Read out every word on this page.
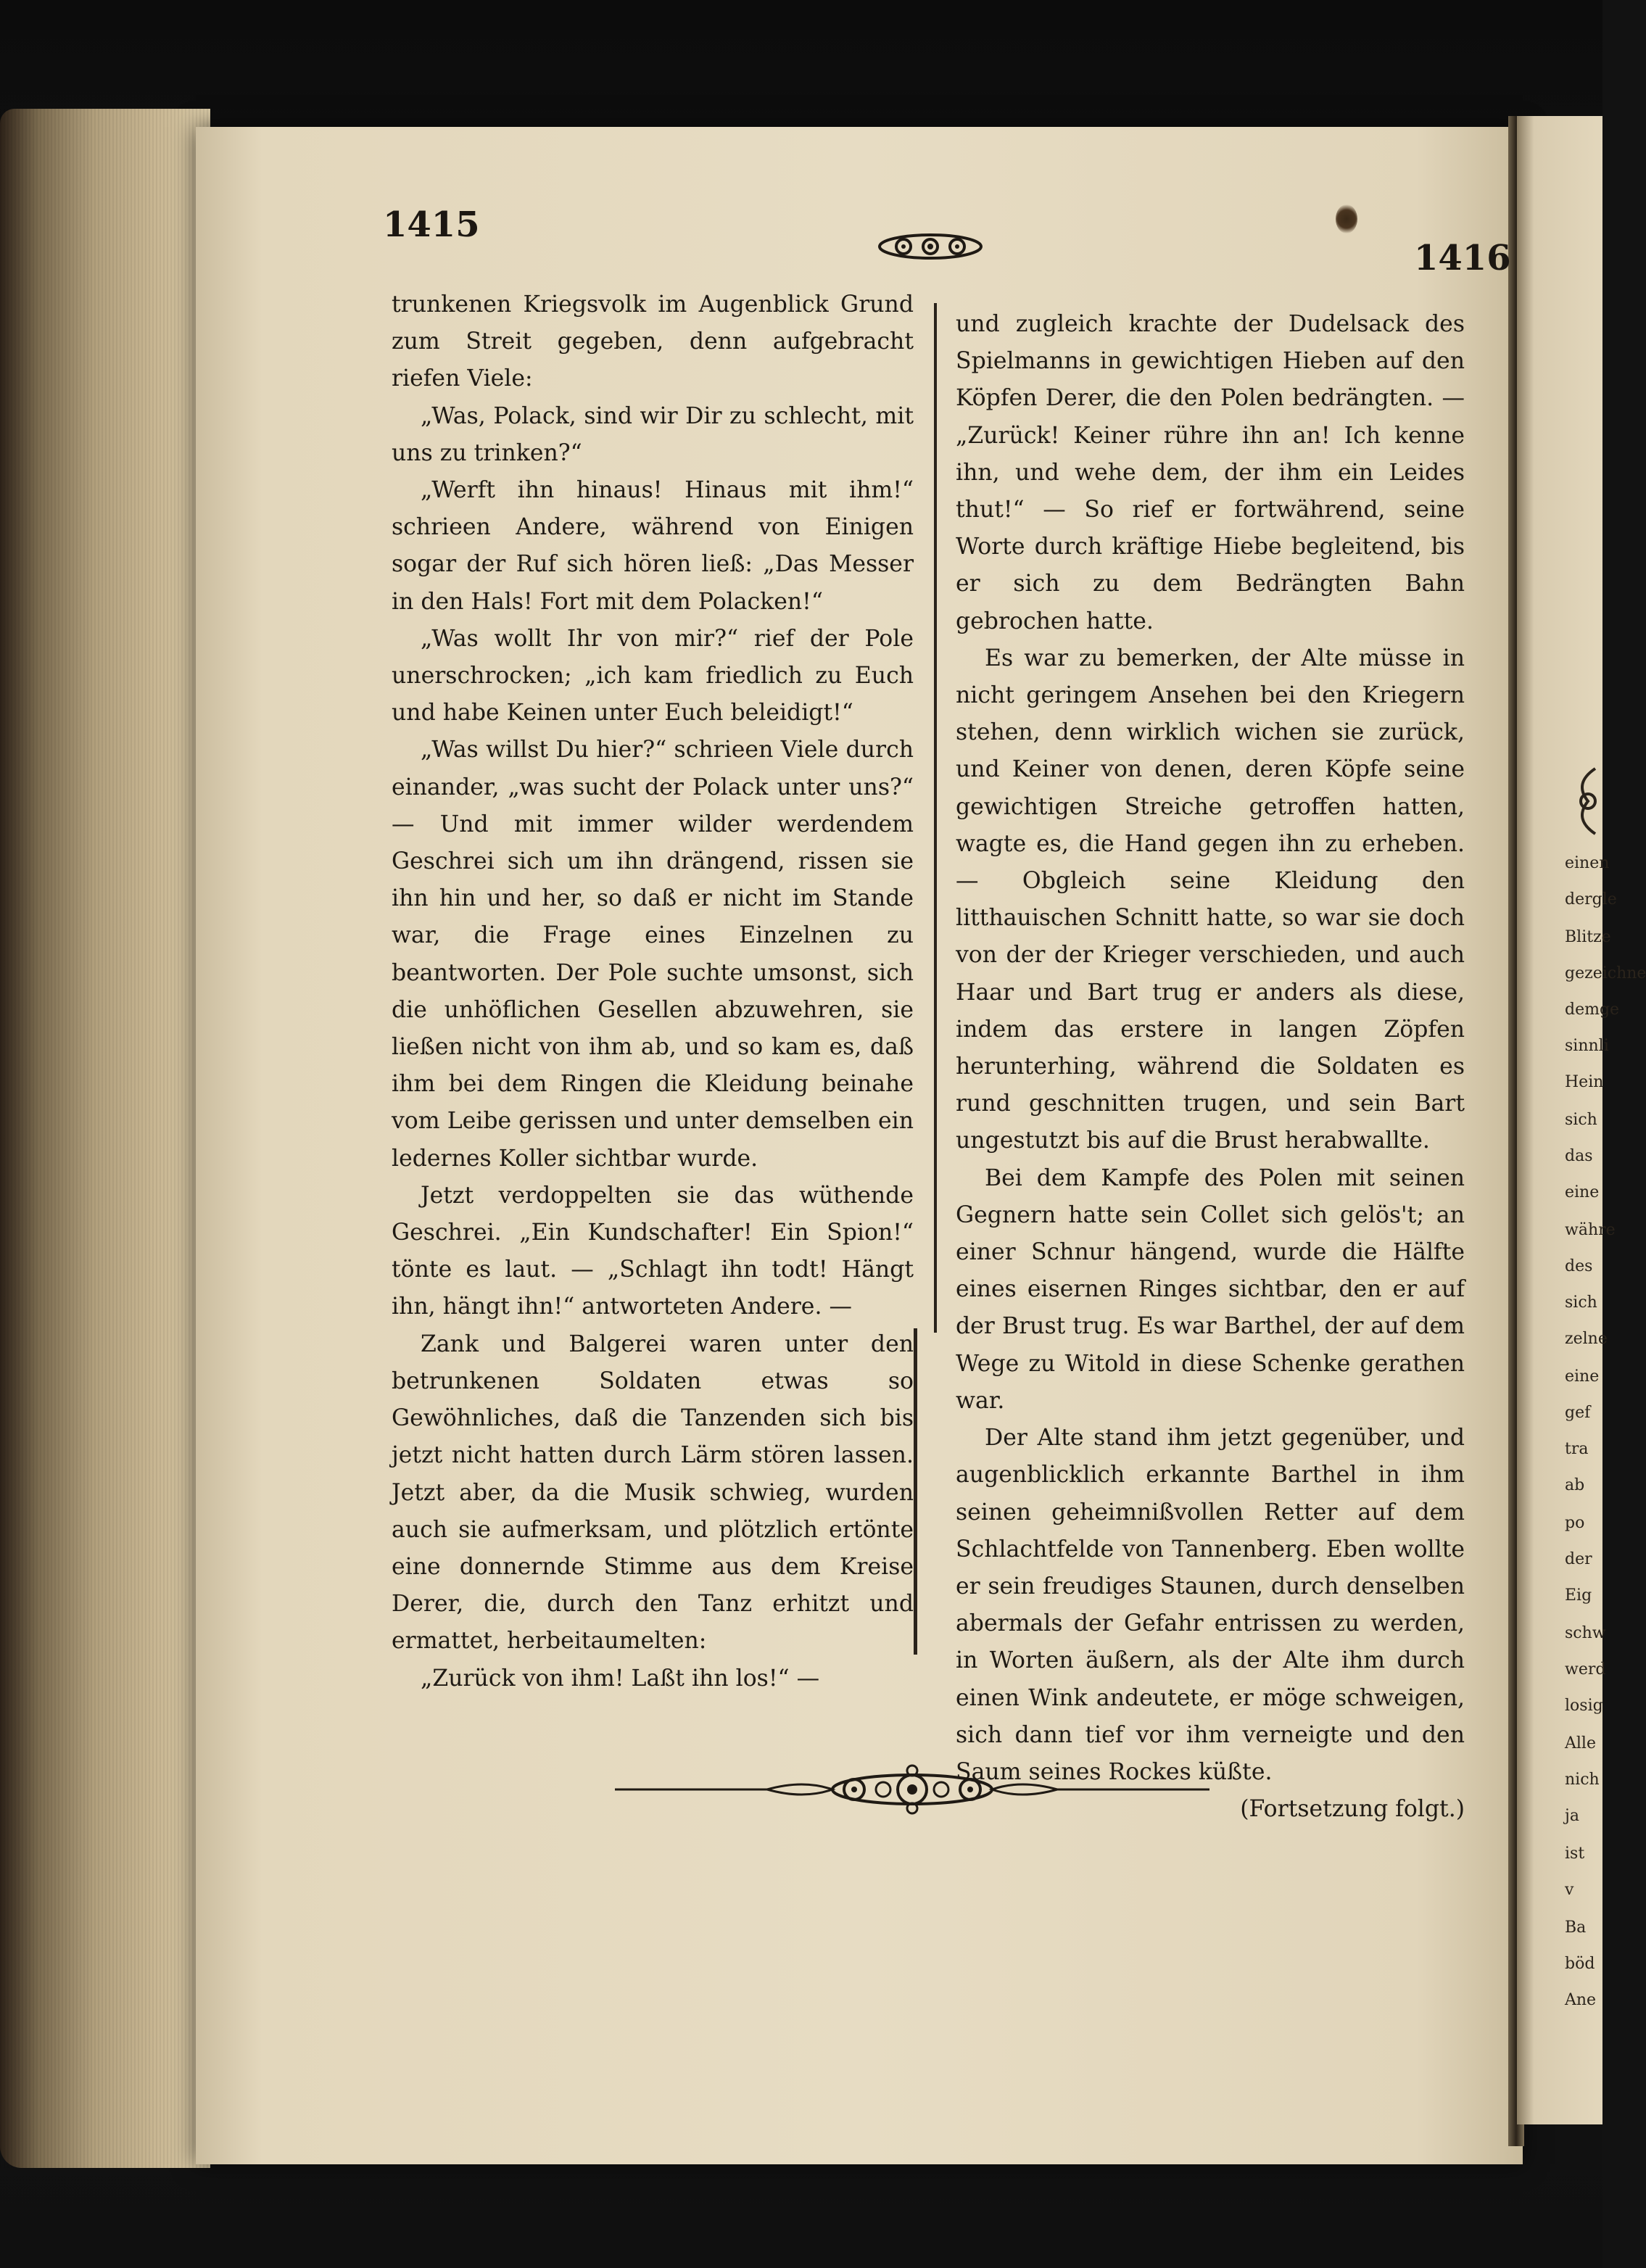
1415
1416

trunkenen Kriegsvolk im Augenblick Grund zum Streit gegeben, denn aufgebracht riefen Viele:

„Was, Polack, sind wir Dir zu schlecht, mit uns zu trinken?“

„Werft ihn hinaus! Hinaus mit ihm!“ schrieen Andere, während von Einigen sogar der Ruf sich hören ließ: „Das Messer in den Hals! Fort mit dem Polacken!“

„Was wollt Ihr von mir?“ rief der Pole unerschrocken; „ich kam friedlich zu Euch und habe Keinen unter Euch beleidigt!“

„Was willst Du hier?“ schrieen Viele durch einander, „was sucht der Polack unter uns?“ — Und mit immer wilder werdendem Geschrei sich um ihn drängend, rissen sie ihn hin und her, so daß er nicht im Stande war, die Frage eines Einzelnen zu beantworten. Der Pole suchte umsonst, sich die unhöflichen Gesellen abzuwehren, sie ließen nicht von ihm ab, und so kam es, daß ihm bei dem Ringen die Kleidung beinahe vom Leibe gerissen und unter demselben ein ledernes Koller sichtbar wurde.

Jetzt verdoppelten sie das wüthende Geschrei. „Ein Kundschafter! Ein Spion!“ tönte es laut. — „Schlagt ihn todt! Hängt ihn, hängt ihn!“ antworteten Andere. —

Zank und Balgerei waren unter den betrunkenen Soldaten etwas so Gewöhnliches, daß die Tanzenden sich bis jetzt nicht hatten durch Lärm stören lassen. Jetzt aber, da die Musik schwieg, wurden auch sie aufmerksam, und plötzlich ertönte eine donnernde Stimme aus dem Kreise Derer, die, durch den Tanz erhitzt und ermattet, herbeitaumelten:

„Zurück von ihm! Laßt ihn los!“ —

und zugleich krachte der Dudelsack des Spielmanns in gewichtigen Hieben auf den Köpfen Derer, die den Polen bedrängten. — „Zurück! Keiner rühre ihn an! Ich kenne ihn, und wehe dem, der ihm ein Leides thut!“ — So rief er fortwährend, seine Worte durch kräftige Hiebe begleitend, bis er sich zu dem Bedrängten Bahn gebrochen hatte.

Es war zu bemerken, der Alte müsse in nicht geringem Ansehen bei den Kriegern stehen, denn wirklich wichen sie zurück, und Keiner von denen, deren Köpfe seine gewichtigen Streiche getroffen hatten, wagte es, die Hand gegen ihn zu erheben. — Obgleich seine Kleidung den litthauischen Schnitt hatte, so war sie doch von der der Krieger verschieden, und auch Haar und Bart trug er anders als diese, indem das erstere in langen Zöpfen herunterhing, während die Soldaten es rund geschnitten trugen, und sein Bart ungestutzt bis auf die Brust herabwallte.

Bei dem Kampfe des Polen mit seinen Gegnern hatte sein Collet sich gelös't; an einer Schnur hängend, wurde die Hälfte eines eisernen Ringes sichtbar, den er auf der Brust trug. Es war Barthel, der auf dem Wege zu Witold in diese Schenke gerathen war.

Der Alte stand ihm jetzt gegenüber, und augenblicklich erkannte Barthel in ihm seinen geheimnißvollen Retter auf dem Schlachtfelde von Tannenberg. Eben wollte er sein freudiges Staunen, durch denselben abermals der Gefahr entrissen zu werden, in Worten äußern, als der Alte ihm durch einen Wink andeutete, er möge schweigen, sich dann tief vor ihm verneigte und den Saum seines Rockes küßte.

(Fortsetzung folgt.)

einen
dergle
Blitze
gezeichne
demge
sinnli
Hein
sich
das
eine
währe
des
sich
zelne
eine
gef
tra
ab
po
der
Eig
schw
werd
losig
Alle
nich
ja
ist
v
Ba
böd
Ane
